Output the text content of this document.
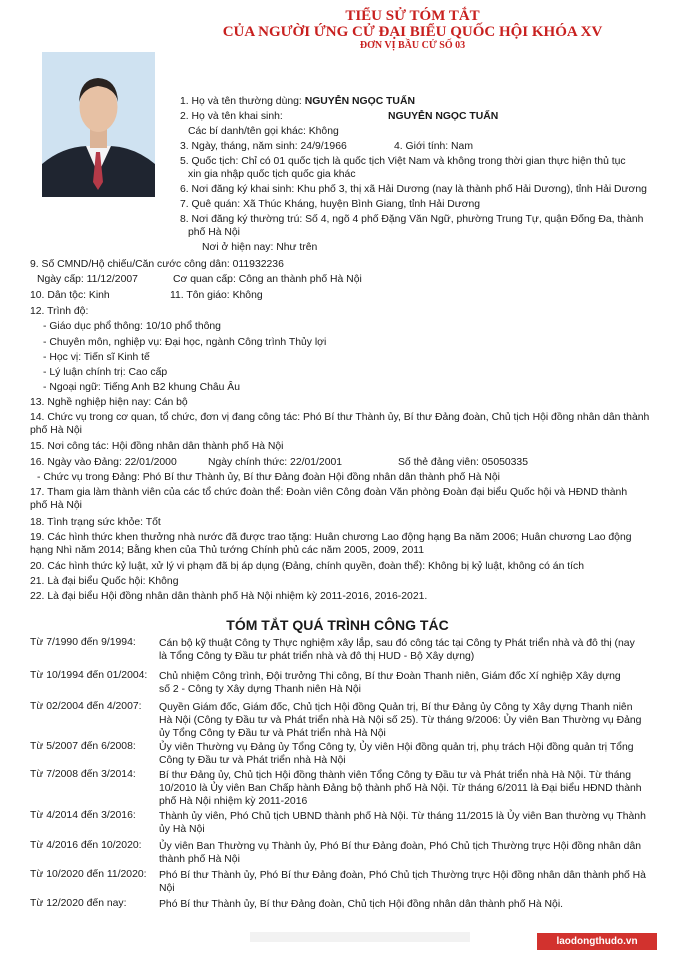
TIỂU SỬ TÓM TẮT
CỦA NGƯỜI ỨNG CỬ ĐẠI BIỂU QUỐC HỘI KHÓA XV
ĐƠN VỊ BẦU CỬ SỐ 03
1. Họ và tên thường dùng: NGUYỄN NGỌC TUẤN
2. Họ và tên khai sinh:	NGUYỄN NGỌC TUẤN
Các bí danh/tên gọi khác: Không
3. Ngày, tháng, năm sinh: 24/9/1966	4. Giới tính: Nam
5. Quốc tịch: Chỉ có 01 quốc tịch là quốc tịch Việt Nam và không trong thời gian thực hiện thủ tục
xin gia nhập quốc tịch quốc gia khác
6. Nơi đăng ký khai sinh: Khu phố 3, thị xã Hải Dương (nay là thành phố Hải Dương), tỉnh Hải Dương
7. Quê quán: Xã Thúc Kháng, huyện Bình Giang, tỉnh Hải Dương
8. Nơi đăng ký thường trú: Số 4, ngõ 4 phố Đặng Văn Ngữ, phường Trung Tự, quận Đống Đa, thành
phố Hà Nội
Nơi ở hiện nay: Như trên
9. Số CMND/Hộ chiếu/Căn cước công dân: 011932236
Ngày cấp: 11/12/2007	Cơ quan cấp: Công an thành phố Hà Nội
10. Dân tộc: Kinh	11. Tôn giáo: Không
12. Trình độ:
- Giáo dục phổ thông: 10/10 phổ thông
- Chuyên môn, nghiệp vụ: Đại học, ngành Công trình Thủy lợi
- Học vị: Tiến sĩ Kinh tế
- Lý luận chính trị: Cao cấp
- Ngoại ngữ: Tiếng Anh B2 khung Châu Âu
13. Nghề nghiệp hiện nay: Cán bộ
14. Chức vụ trong cơ quan, tổ chức, đơn vị đang công tác: Phó Bí thư Thành ủy, Bí thư Đảng đoàn, Chủ tịch Hội đồng nhân dân thành
phố Hà Nội
15. Nơi công tác: Hội đồng nhân dân thành phố Hà Nội
16. Ngày vào Đảng: 22/01/2000	Ngày chính thức: 22/01/2001	Số thẻ đảng viên: 05050335
- Chức vụ trong Đảng: Phó Bí thư Thành ủy, Bí thư Đảng đoàn Hội đồng nhân dân thành phố Hà Nội
17. Tham gia làm thành viên của các tổ chức đoàn thể: Đoàn viên Công đoàn Văn phòng Đoàn đại biểu Quốc hội và HĐND thành
phố Hà Nội
18. Tình trạng sức khỏe: Tốt
19. Các hình thức khen thưởng nhà nước đã được trao tặng: Huân chương Lao động hạng Ba năm 2006; Huân chương Lao động
hạng Nhì năm 2014; Bằng khen của Thủ tướng Chính phủ các năm 2005, 2009, 2011
20. Các hình thức kỷ luật, xử lý vi phạm đã bị áp dụng (Đảng, chính quyền, đoàn thể): Không bị kỷ luật, không có án tích
21. Là đại biểu Quốc hội: Không
22. Là đại biểu Hội đồng nhân dân thành phố Hà Nội nhiệm kỳ 2011-2016, 2016-2021.
TÓM TẮT QUÁ TRÌNH CÔNG TÁC
Từ 7/1990 đến 9/1994: Cán bộ kỹ thuật Công ty Thực nghiệm xây lắp, sau đó công tác tại Công ty Phát triển nhà và đô thị (nay
là Tổng Công ty Đầu tư phát triển nhà và đô thị HUD - Bộ Xây dựng)
Từ 10/1994 đến 01/2004: Chủ nhiệm Công trình, Đội trưởng Thi công, Bí thư Đoàn Thanh niên, Giám đốc Xí nghiệp Xây dựng
số 2 - Công ty Xây dựng Thanh niên Hà Nội
Từ 02/2004 đến 4/2007: Quyền Giám đốc, Giám đốc, Chủ tịch Hội đồng Quản trị, Bí thư Đảng ủy Công ty Xây dựng Thanh niên
Hà Nội (Công ty Đầu tư và Phát triển nhà Hà Nội số 25). Từ tháng 9/2006: Ủy viên Ban Thường vụ Đảng
ủy Tổng Công ty Đầu tư và Phát triển nhà Hà Nội
Từ 5/2007 đến 6/2008: Ủy viên Thường vụ Đảng ủy Tổng Công ty, Ủy viên Hội đồng quản trị, phụ trách Hội đồng quản trị Tổng
Công ty Đầu tư và Phát triển nhà Hà Nội
Từ 7/2008 đến 3/2014: Bí thư Đảng ủy, Chủ tịch Hội đồng thành viên Tổng Công ty Đầu tư và Phát triển nhà Hà Nội. Từ tháng
10/2010 là Ủy viên Ban Chấp hành Đảng bộ thành phố Hà Nội. Từ tháng 6/2011 là Đại biểu HĐND thành
phố Hà Nội nhiệm kỳ 2011-2016
Từ 4/2014 đến 3/2016: Thành ủy viên, Phó Chủ tịch UBND thành phố Hà Nội. Từ tháng 11/2015 là Ủy viên Ban thường vụ Thành
ủy Hà Nội
Từ 4/2016 đến 10/2020: Ủy viên Ban Thường vụ Thành ủy, Phó Bí thư Đảng đoàn, Phó Chủ tịch Thường trực Hội đồng nhân dân
thành phố Hà Nội
Từ 10/2020 đến 11/2020: Phó Bí thư Thành ủy, Phó Bí thư Đảng đoàn, Phó Chủ tịch Thường trực Hội đồng nhân dân thành phố Hà
Nội
Từ 12/2020 đến nay:	Phó Bí thư Thành ủy, Bí thư Đảng đoàn, Chủ tịch Hội đồng nhân dân thành phố Hà Nội.
laodongthudo.vn
